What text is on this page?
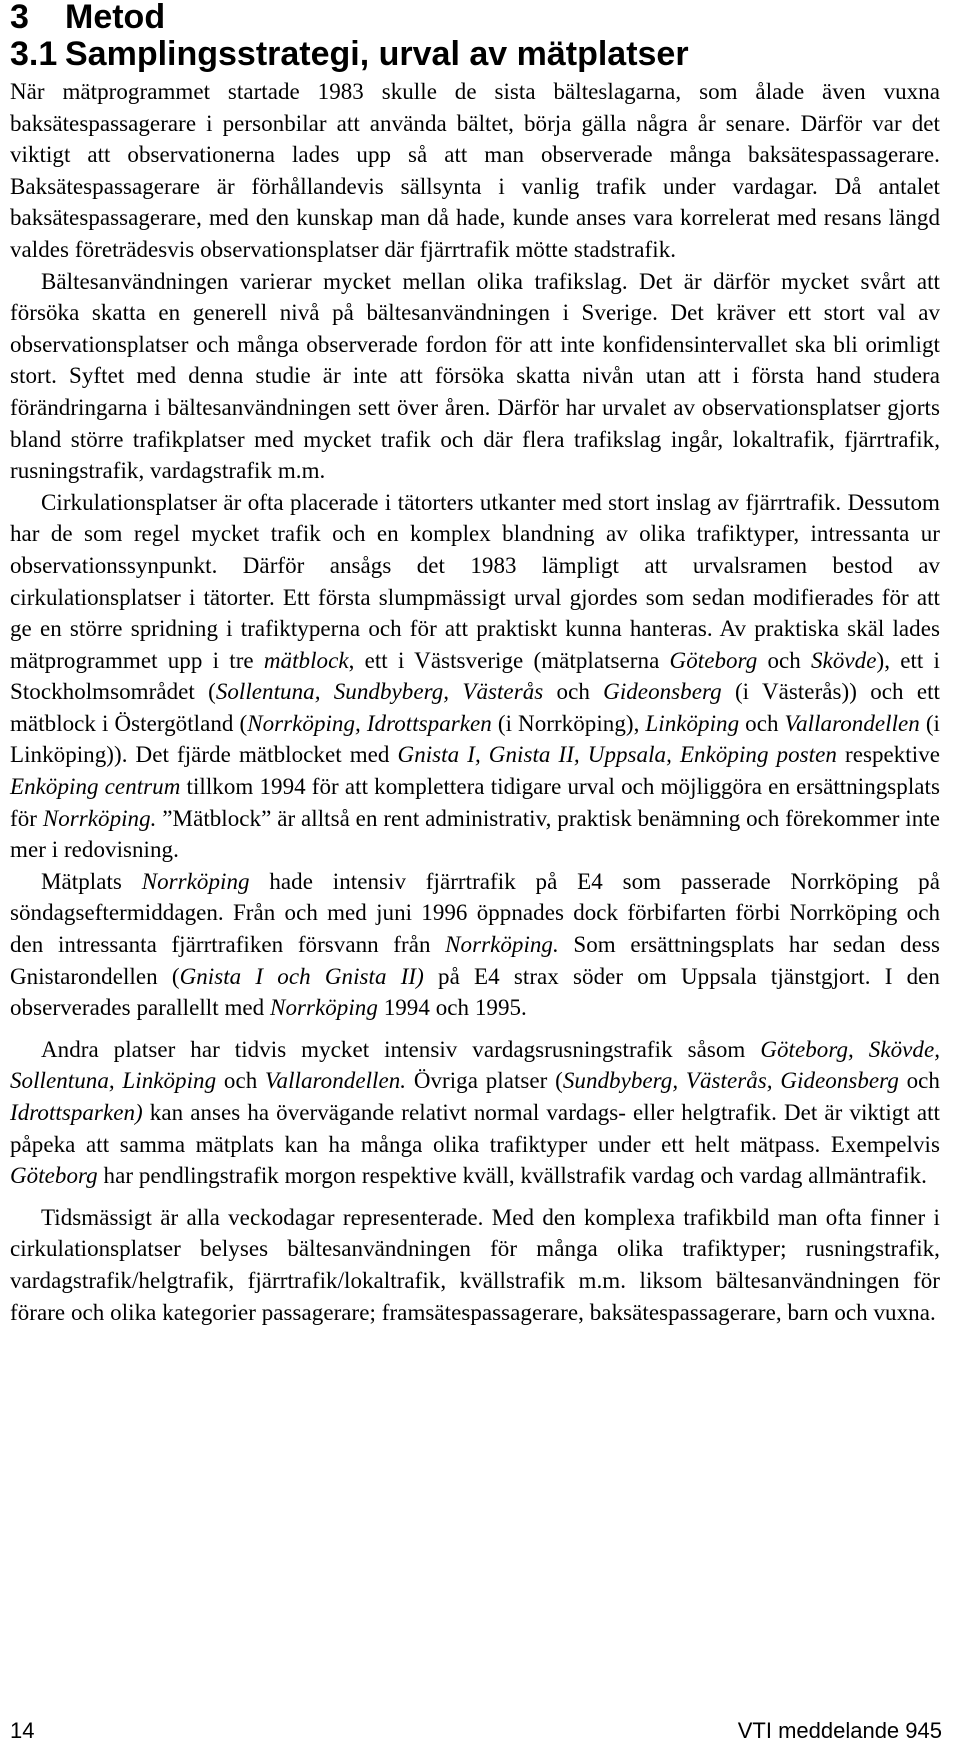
3 Metod
3.1 Samplingsstrategi, urval av mätplatser

När mätprogrammet startade 1983 skulle de sista bälteslagarna, som ålade även vuxna baksätespassagerare i personbilar att använda bältet, börja gälla några år senare. Därför var det viktigt att observationerna lades upp så att man observerade många baksätespassagerare. Baksätespassagerare är förhållandevis sällsynta i vanlig trafik under vardagar. Då antalet baksätespassagerare, med den kunskap man då hade, kunde anses vara korrelerat med resans längd valdes företrädesvis observationsplatser där fjärrtrafik mötte stadstrafik.

Bältesanvändningen varierar mycket mellan olika trafikslag. Det är därför mycket svårt att försöka skatta en generell nivå på bältesanvändningen i Sverige. Det kräver ett stort val av observationsplatser och många observerade fordon för att inte konfidensintervallet ska bli orimligt stort. Syftet med denna studie är inte att försöka skatta nivån utan att i första hand studera förändringarna i bältesanvändningen sett över åren. Därför har urvalet av observationsplatser gjorts bland större trafikplatser med mycket trafik och där flera trafikslag ingår, lokaltrafik, fjärrtrafik, rusningstrafik, vardagstrafik m.m.

Cirkulationsplatser är ofta placerade i tätorters utkanter med stort inslag av fjärrtrafik. Dessutom har de som regel mycket trafik och en komplex blandning av olika trafiktyper, intressanta ur observationssynpunkt. Därför ansågs det 1983 lämpligt att urvalsramen bestod av cirkulationsplatser i tätorter. Ett första slumpmässigt urval gjordes som sedan modifierades för att ge en större spridning i trafiktyperna och för att praktiskt kunna hanteras. Av praktiska skäl lades mätprogrammet upp i tre mätblock, ett i Västsverige (mätplatserna Göteborg och Skövde), ett i Stockholmsområdet (Sollentuna, Sundbyberg, Västerås och Gideonsberg (i Västerås)) och ett mätblock i Östergötland (Norrköping, Idrottsparken (i Norrköping), Linköping och Vallarondellen (i Linköping)). Det fjärde mätblocket med Gnista I, Gnista II, Uppsala, Enköping posten respektive Enköping centrum tillkom 1994 för att komplettera tidigare urval och möjliggöra en ersättningsplats för Norrköping. ”Mätblock” är alltså en rent administrativ, praktisk benämning och förekommer inte mer i redovisning.

Mätplats Norrköping hade intensiv fjärrtrafik på E4 som passerade Norrköping på söndagseftermiddagen. Från och med juni 1996 öppnades dock förbifarten förbi Norrköping och den intressanta fjärrtrafiken försvann från Norrköping. Som ersättningsplats har sedan dess Gnistarondellen (Gnista I och Gnista II) på E4 strax söder om Uppsala tjänstgjort. I den observerades parallellt med Norrköping 1994 och 1995.

Andra platser har tidvis mycket intensiv vardagsrusningstrafik såsom Göteborg, Skövde, Sollentuna, Linköping och Vallarondellen. Övriga platser (Sundbyberg, Västerås, Gideonsberg och Idrottsparken) kan anses ha övervägande relativt normal vardags- eller helgtrafik. Det är viktigt att påpeka att samma mätplats kan ha många olika trafiktyper under ett helt mätpass. Exempelvis Göteborg har pendlingstrafik morgon respektive kväll, kvällstrafik vardag och vardag allmäntrafik.

Tidsmässigt är alla veckodagar representerade. Med den komplexa trafikbild man ofta finner i cirkulationsplatser belyses bältesanvändningen för många olika trafiktyper; rusningstrafik, vardagstrafik/helgtrafik, fjärrtrafik/lokaltrafik, kvällstrafik m.m. liksom bältesanvändningen för förare och olika kategorier passagerare; framsätespassagerare, baksätespassagerare, barn och vuxna.

14	VTI meddelande 945
